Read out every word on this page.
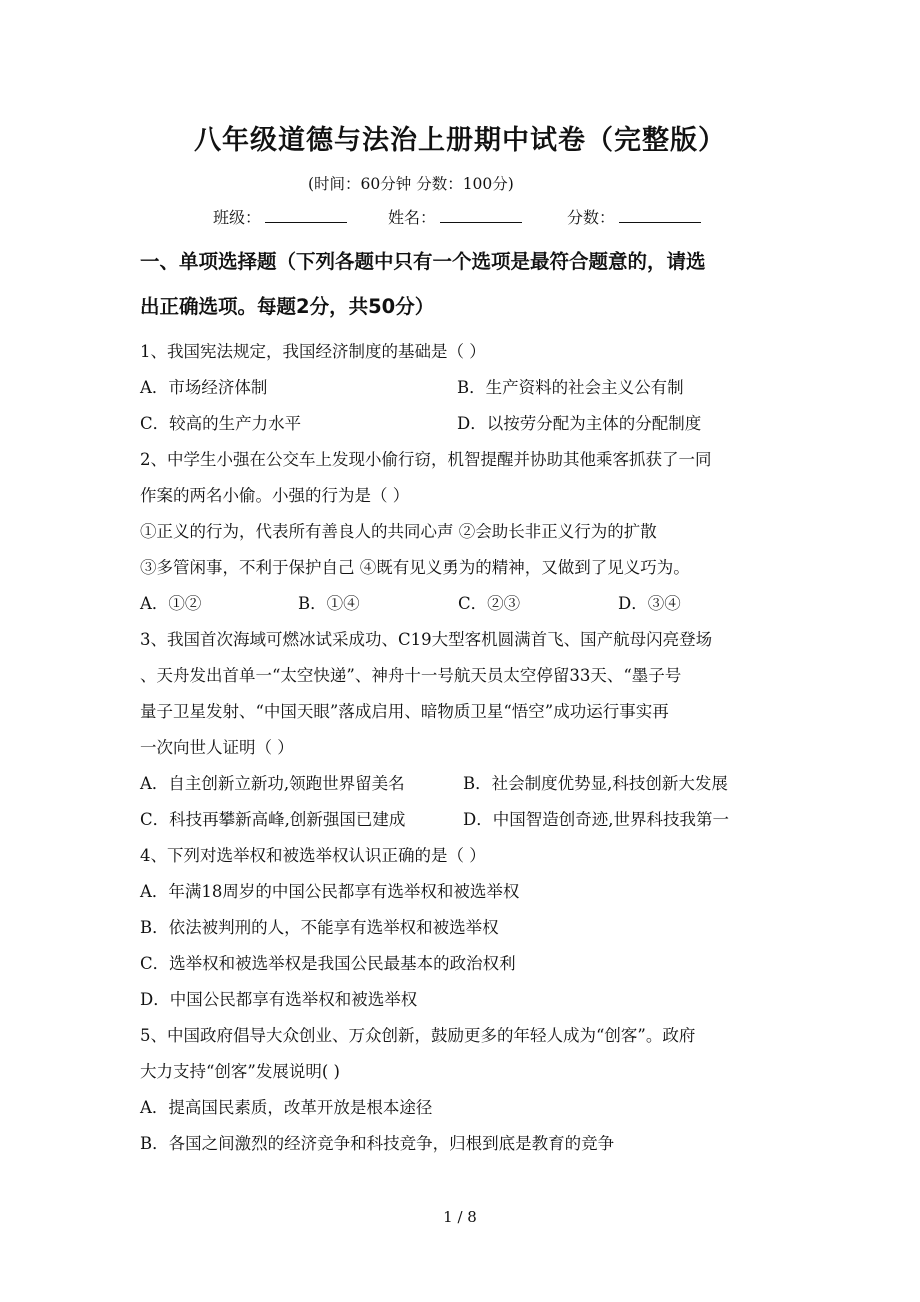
八年级道德与法治上册期中试卷（完整版）
(时间：60分钟 分数：100分)
班级：	姓名：	分数：
一、单项选择题（下列各题中只有一个选项是最符合题意的，请选
出正确选项。每题2分，共50分）
1、我国宪法规定，我国经济制度的基础是（ ）
A．市场经济体制	B．生产资料的社会主义公有制
C．较高的生产力水平	D．以按劳分配为主体的分配制度
2、中学生小强在公交车上发现小偷行窃，机智提醒并协助其他乘客抓获了一同
作案的两名小偷。小强的行为是（ ）
①正义的行为，代表所有善良人的共同心声 ②会助长非正义行为的扩散
③多管闲事，不利于保护自己 ④既有见义勇为的精神，又做到了见义巧为。
A．①②	B．①④	C．②③	D．③④
3、我国首次海域可燃冰试采成功、C19大型客机圆满首飞、国产航母闪亮登场
、天舟发出首单一“太空快递”、神舟十一号航天员太空停留33天、“墨子号
量子卫星发射、“中国天眼”落成启用、暗物质卫星“悟空”成功运行事实再
一次向世人证明（ ）
A．自主创新立新功,领跑世界留美名	B．社会制度优势显,科技创新大发展
C．科技再攀新高峰,创新强国已建成	D．中国智造创奇迹,世界科技我第一
4、下列对选举权和被选举权认识正确的是（ ）
A．年满18周岁的中国公民都享有选举权和被选举权
B．依法被判刑的人，不能享有选举权和被选举权
C．选举权和被选举权是我国公民最基本的政治权利
D．中国公民都享有选举权和被选举权
5、中国政府倡导大众创业、万众创新，鼓励更多的年轻人成为“创客”。政府
大力支持“创客”发展说明( )
A．提高国民素质，改革开放是根本途径
B．各国之间激烈的经济竞争和科技竞争，归根到底是教育的竞争
1 / 8
